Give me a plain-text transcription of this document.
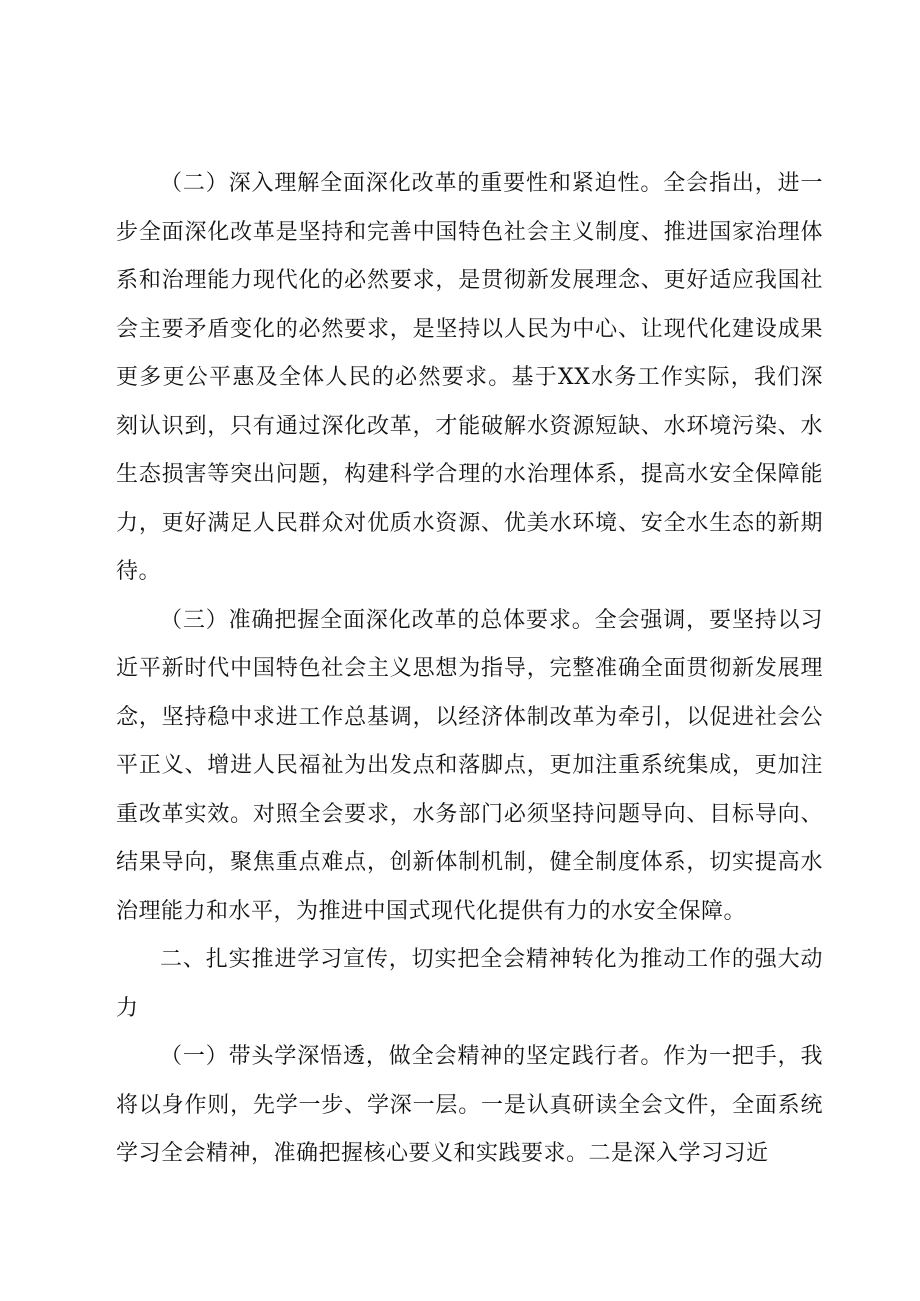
（二）深入理解全面深化改革的重要性和紧迫性。全会指出，进一步全面深化改革是坚持和完善中国特色社会主义制度、推进国家治理体系和治理能力现代化的必然要求，是贯彻新发展理念、更好适应我国社会主要矛盾变化的必然要求，是坚持以人民为中心、让现代化建设成果更多更公平惠及全体人民的必然要求。基于XX水务工作实际，我们深刻认识到，只有通过深化改革，才能破解水资源短缺、水环境污染、水生态损害等突出问题，构建科学合理的水治理体系，提高水安全保障能力，更好满足人民群众对优质水资源、优美水环境、安全水生态的新期待。

（三）准确把握全面深化改革的总体要求。全会强调，要坚持以习近平新时代中国特色社会主义思想为指导，完整准确全面贯彻新发展理念，坚持稳中求进工作总基调，以经济体制改革为牵引，以促进社会公平正义、增进人民福祉为出发点和落脚点，更加注重系统集成，更加注重改革实效。对照全会要求，水务部门必须坚持问题导向、目标导向、结果导向，聚焦重点难点，创新体制机制，健全制度体系，切实提高水治理能力和水平，为推进中国式现代化提供有力的水安全保障。

二、扎实推进学习宣传，切实把全会精神转化为推动工作的强大动力

（一）带头学深悟透，做全会精神的坚定践行者。作为一把手，我将以身作则，先学一步、学深一层。一是认真研读全会文件，全面系统学习全会精神，准确把握核心要义和实践要求。二是深入学习习近
